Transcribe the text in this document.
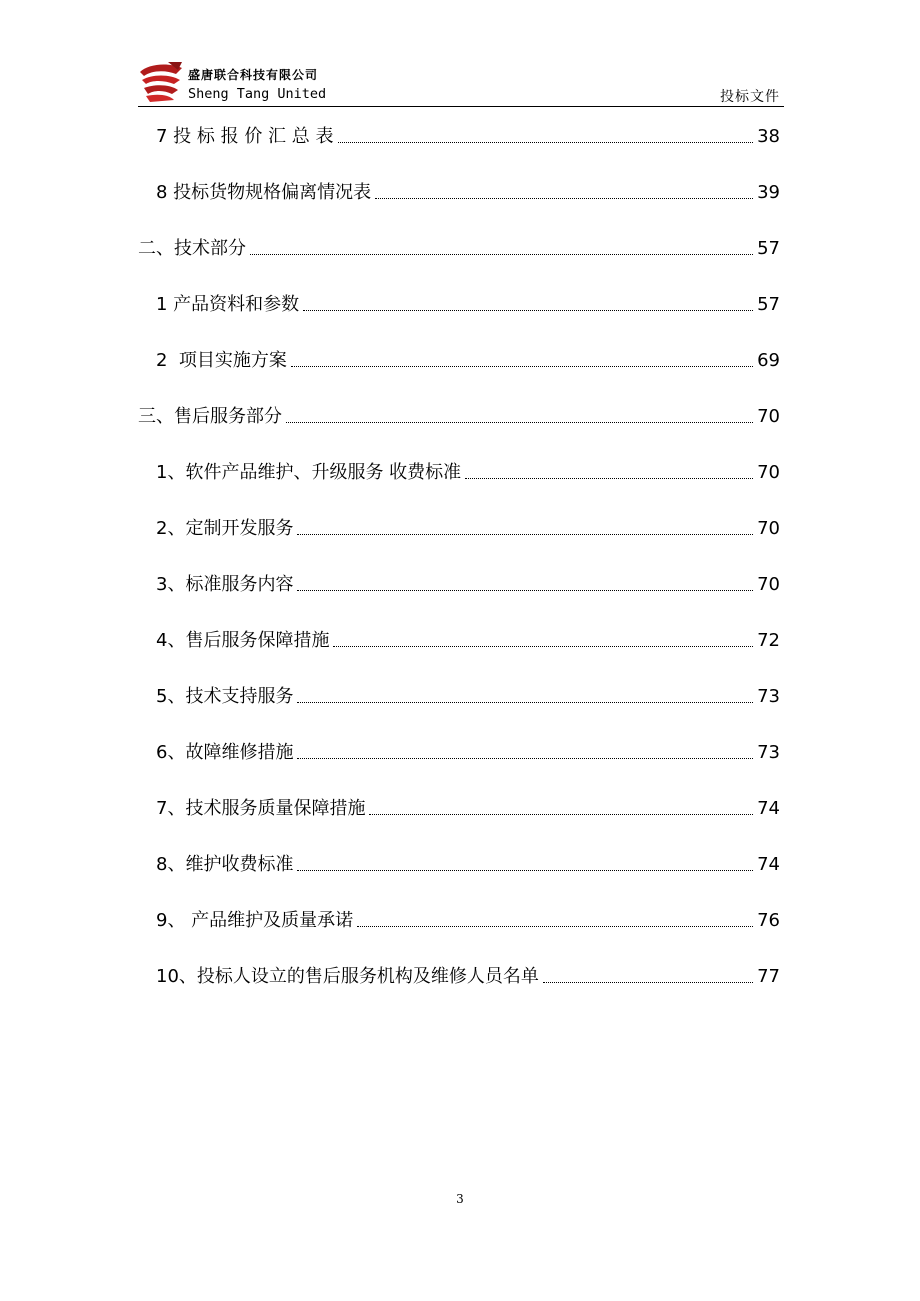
盛唐联合科技有限公司
Sheng Tang United	投标文件
7 投 标 报 价 汇 总 表	38
8 投标货物规格偏离情况表	39
二、技术部分	57
1 产品资料和参数	57
2  项目实施方案	69
三、售后服务部分	70
1、软件产品维护、升级服务 收费标准	70
2、定制开发服务	70
3、标准服务内容	70
4、售后服务保障措施	72
5、技术支持服务	73
6、故障维修措施	73
7、技术服务质量保障措施	74
8、维护收费标准	74
9、 产品维护及质量承诺	76
10、投标人设立的售后服务机构及维修人员名单	77
3
